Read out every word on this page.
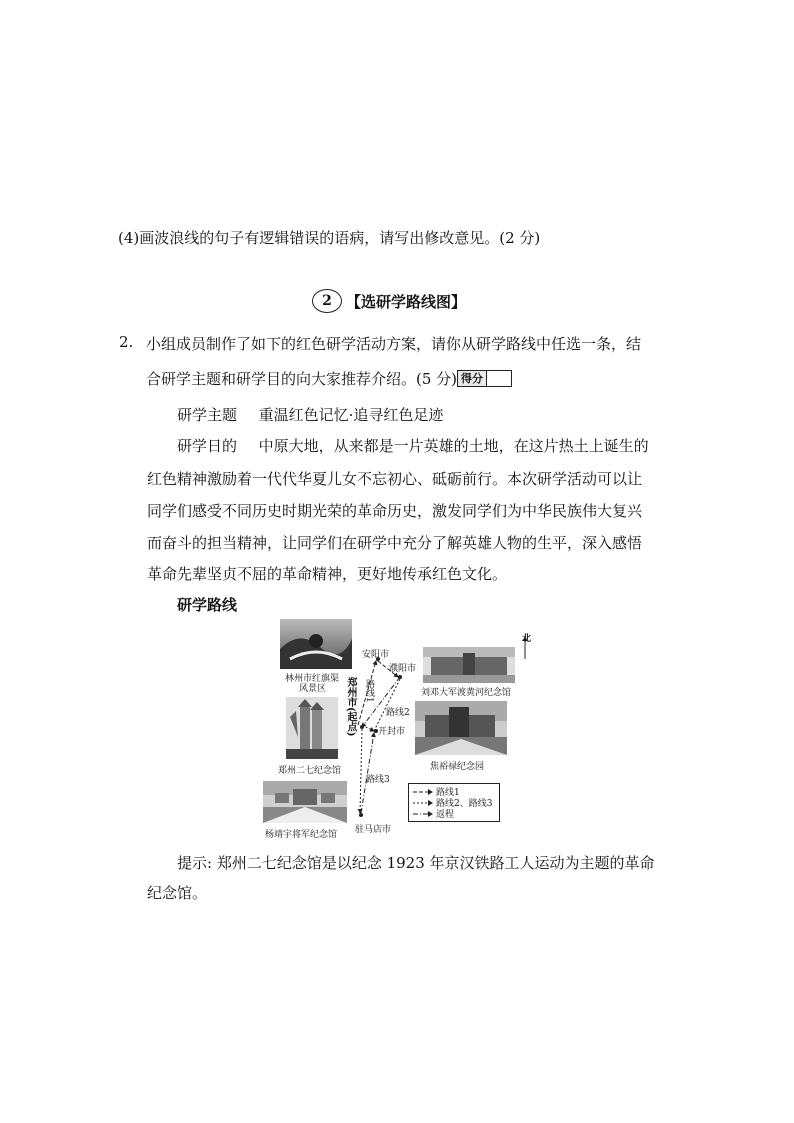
(4)画波浪线的句子有逻辑错误的语病，请写出修改意见。(2 分)
2 【选研学路线图】
2. 小组成员制作了如下的红色研学活动方案，请你从研学路线中任选一条，结
合研学主题和研学目的向大家推荐介绍。(5 分) 得分
研学主题 重温红色记忆·追寻红色足迹
研学日的 中原大地，从来都是一片英雄的土地，在这片热土上诞生的
红色精神激励着一代代华夏儿女不忘初心、砥砺前行。本次研学活动可以让
同学们感受不同历史时期光荣的革命历史，激发同学们为中华民族伟大复兴
而奋斗的担当精神，让同学们在研学中充分了解英雄人物的生平，深入感悟
革命先辈坚贞不屈的革命精神，更好地传承红色文化。
研学路线
林州市红旗渠
风景区
郑州二七纪念馆
杨靖宇将军纪念馆
刘邓大军渡黄河纪念馆
焦裕禄纪念园
安阳市
濮阳市
郑州市(起点) 开封市
驻马店市
路线1
路线2
路线3
北
路线1
路线2、路线3
返程
提示: 郑州二七纪念馆是以纪念 1923 年京汉铁路工人运动为主题的革命
纪念馆。
